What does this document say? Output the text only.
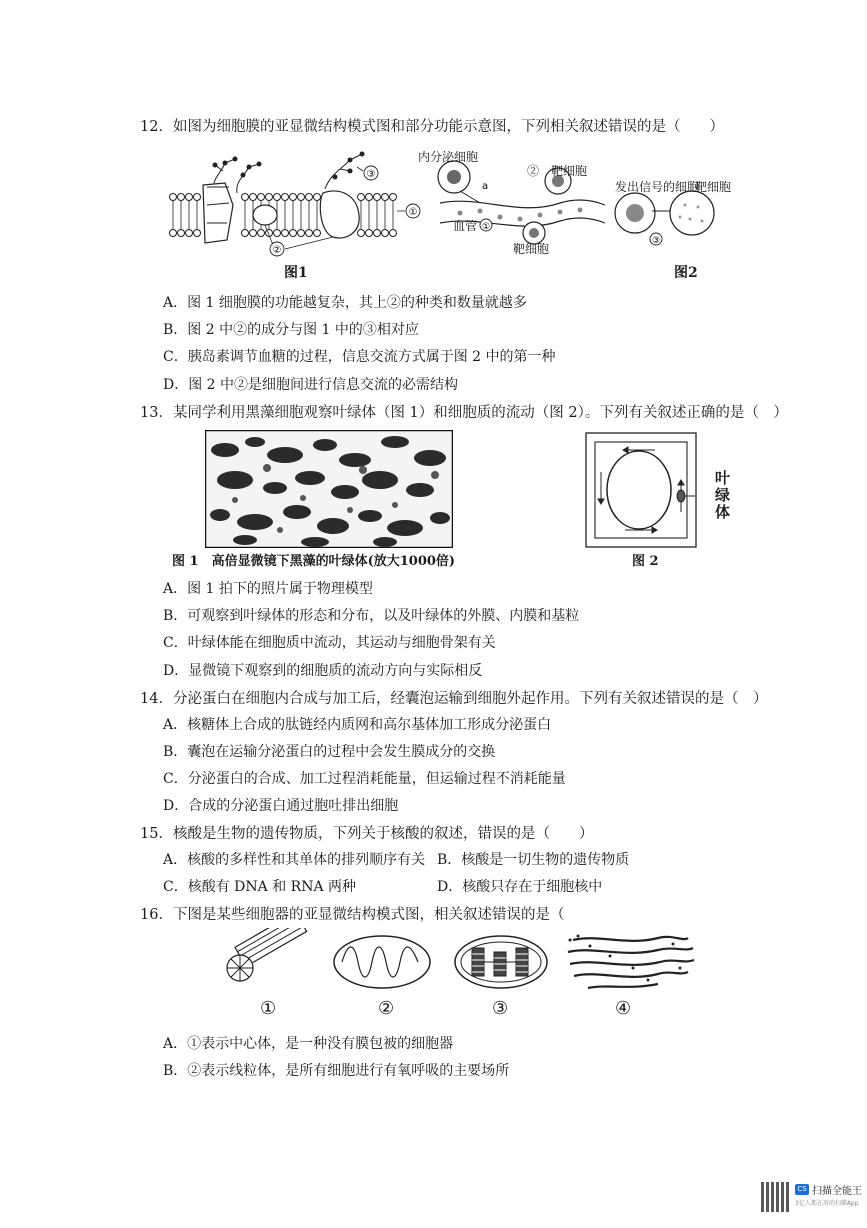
12．如图为细胞膜的亚显微结构模式图和部分功能示意图，下列相关叙述错误的是（　　）
②
①
③
图1
a
①
③
内分泌细胞
②　靶细胞
血管
靶细胞
发出信号的细胞
靶细胞
图2
A．图 1 细胞膜的功能越复杂，其上②的种类和数量就越多
B．图 2 中②的成分与图 1 中的③相对应
C．胰岛素调节血糖的过程，信息交流方式属于图 2 中的第一种
D．图 2 中②是细胞间进行信息交流的必需结构
13．某同学利用黑藻细胞观察叶绿体（图 1）和细胞质的流动（图 2）。下列有关叙述正确的是（　）
图 1　高倍显微镜下黑藻的叶绿体(放大1000倍)
叶绿体
图 2
A．图 1 拍下的照片属于物理模型
B．可观察到叶绿体的形态和分布，以及叶绿体的外膜、内膜和基粒
C．叶绿体能在细胞质中流动，其运动与细胞骨架有关
D．显微镜下观察到的细胞质的流动方向与实际相反
14．分泌蛋白在细胞内合成与加工后，经囊泡运输到细胞外起作用。下列有关叙述错误的是（　）
A．核糖体上合成的肽链经内质网和高尔基体加工形成分泌蛋白
B．囊泡在运输分泌蛋白的过程中会发生膜成分的交换
C．分泌蛋白的合成、加工过程消耗能量，但运输过程不消耗能量
D．合成的分泌蛋白通过胞吐排出细胞
15．核酸是生物的遗传物质，下列关于核酸的叙述，错误的是（　　）
A．核酸的多样性和其单体的排列顺序有关 B．核酸是一切生物的遗传物质
C．核酸有 DNA 和 RNA 两种	D．核酸只存在于细胞核中
16．下图是某些细胞器的亚显微结构模式图，相关叙述错误的是（
①	②	③	④
A．①表示中心体，是一种没有膜包被的细胞器
B．②表示线粒体，是所有细胞进行有氧呼吸的主要场所
CS 扫描全能王
3亿人都在用的扫描App
